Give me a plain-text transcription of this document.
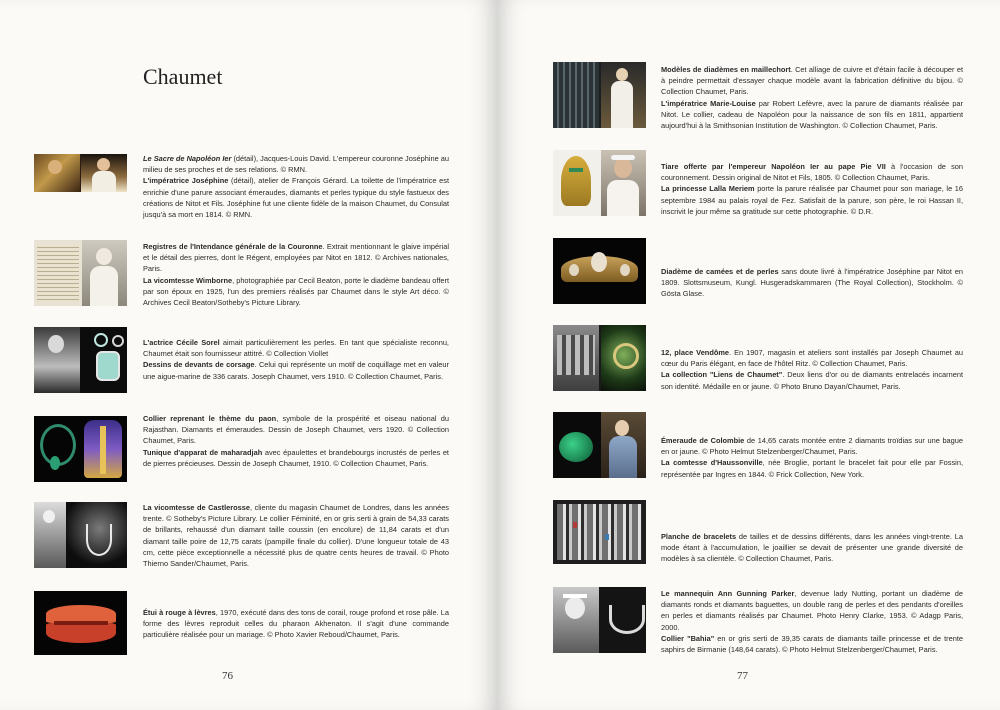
Chaumet
Le Sacre de Napoléon Ier (détail), Jacques-Louis David. L'empereur couronne Joséphine au milieu de ses proches et de ses relations. © RMN.
L'impératrice Joséphine (détail), atelier de François Gérard. La toilette de l'impératrice est enrichie d'une parure associant émeraudes, diamants et perles typique du style fastueux des créations de Nitot et Fils. Joséphine fut une cliente fidèle de la maison Chaumet, du Consulat jusqu'à sa mort en 1814. © RMN.
Registres de l'Intendance générale de la Couronne. Extrait mentionnant le glaive impérial et le détail des pierres, dont le Régent, employées par Nitot en 1812. © Archives nationales, Paris.
La vicomtesse Wimborne, photographiée par Cecil Beaton, porte le diadème bandeau offert par son époux en 1925, l'un des premiers réalisés par Chaumet dans le style Art déco. © Archives Cecil Beaton/Sotheby's Picture Library.
L'actrice Cécile Sorel aimait particulièrement les perles. En tant que spécialiste reconnu, Chaumet était son fournisseur attitré. © Collection Viollet
Dessins de devants de corsage. Celui qui représente un motif de coquillage met en valeur une aigue-marine de 336 carats. Joseph Chaumet, vers 1910. © Collection Chaumet, Paris.
Collier reprenant le thème du paon, symbole de la prospérité et oiseau national du Rajasthan. Diamants et émeraudes. Dessin de Joseph Chaumet, vers 1920. © Collection Chaumet, Paris.
Tunique d'apparat de maharadjah avec épaulettes et brandebourgs incrustés de perles et de pierres précieuses. Dessin de Joseph Chaumet, 1910. © Collection Chaumet, Paris.
La vicomtesse de Castlerosse, cliente du magasin Chaumet de Londres, dans les années trente. © Sotheby's Picture Library. Le collier Féminité, en or gris serti à grain de 54,33 carats de brillants, rehaussé d'un diamant taille coussin (en encolure) de 11,84 carats et d'un diamant taille poire de 12,75 carats (pampille finale du collier). D'une longueur totale de 43 cm, cette pièce exceptionnelle a nécessité plus de quatre cents heures de travail. © Photo Thierno Sander/Chaumet, Paris.
Étui à rouge à lèvres, 1970, exécuté dans des tons de corail, rouge profond et rose pâle. La forme des lèvres reproduit celles du pharaon Akhenaton. Il s'agit d'une commande particulière réalisée pour un mariage. © Photo Xavier Reboud/Chaumet, Paris.
76
Modèles de diadèmes en maillechort. Cet alliage de cuivre et d'étain facile à découper et à peindre permettait d'essayer chaque modèle avant la fabrication définitive du bijou. © Collection Chaumet, Paris.
L'impératrice Marie-Louise par Robert Lefèvre, avec la parure de diamants réalisée par Nitot. Le collier, cadeau de Napoléon pour la naissance de son fils en 1811, appartient aujourd'hui à la Smithsonian Institution de Washington. © Collection Chaumet, Paris.
Tiare offerte par l'empereur Napoléon Ier au pape Pie VII à l'occasion de son couronnement. Dessin original de Nitot et Fils, 1805. © Collection Chaumet, Paris.
La princesse Lalla Meriem porte la parure réalisée par Chaumet pour son mariage, le 16 septembre 1984 au palais royal de Fez. Satisfait de la parure, son père, le roi Hassan II, inscrivit le jour même sa gratitude sur cette photographie. © D.R.
Diadème de camées et de perles sans doute livré à l'impératrice Joséphine par Nitot en 1809. Slottsmuseum, Kungl. Husgeradskammaren (The Royal Collection), Stockholm. © Gösta Glase.
12, place Vendôme. En 1907, magasin et ateliers sont installés par Joseph Chaumet au cœur du Paris élégant, en face de l'hôtel Ritz. © Collection Chaumet, Paris.
La collection "Liens de Chaumet". Deux liens d'or ou de diamants entrelacés incarnent son identité. Médaille en or jaune. © Photo Bruno Dayan/Chaumet, Paris.
Émeraude de Colombie de 14,65 carats montée entre 2 diamants troïdias sur une bague en or jaune. © Photo Helmut Stelzenberger/Chaumet, Paris.
La comtesse d'Haussonville, née Broglie, portant le bracelet fait pour elle par Fossin, représentée par Ingres en 1844. © Frick Collection, New York.
Planche de bracelets de tailles et de dessins différents, dans les années vingt-trente. La mode étant à l'accumulation, le joaillier se devait de présenter une grande diversité de modèles à sa clientèle. © Collection Chaumet, Paris.
Le mannequin Ann Gunning Parker, devenue lady Nutting, portant un diadème de diamants ronds et diamants baguettes, un double rang de perles et des pendants d'oreilles en perles et diamants réalisés par Chaumet. Photo Henry Clarke, 1953. © Adagp Paris, 2000.
Collier "Bahia" en or gris serti de 39,35 carats de diamants taille princesse et de trente saphirs de Birmanie (148,64 carats). © Photo Helmut Stelzenberger/Chaumet, Paris.
77
